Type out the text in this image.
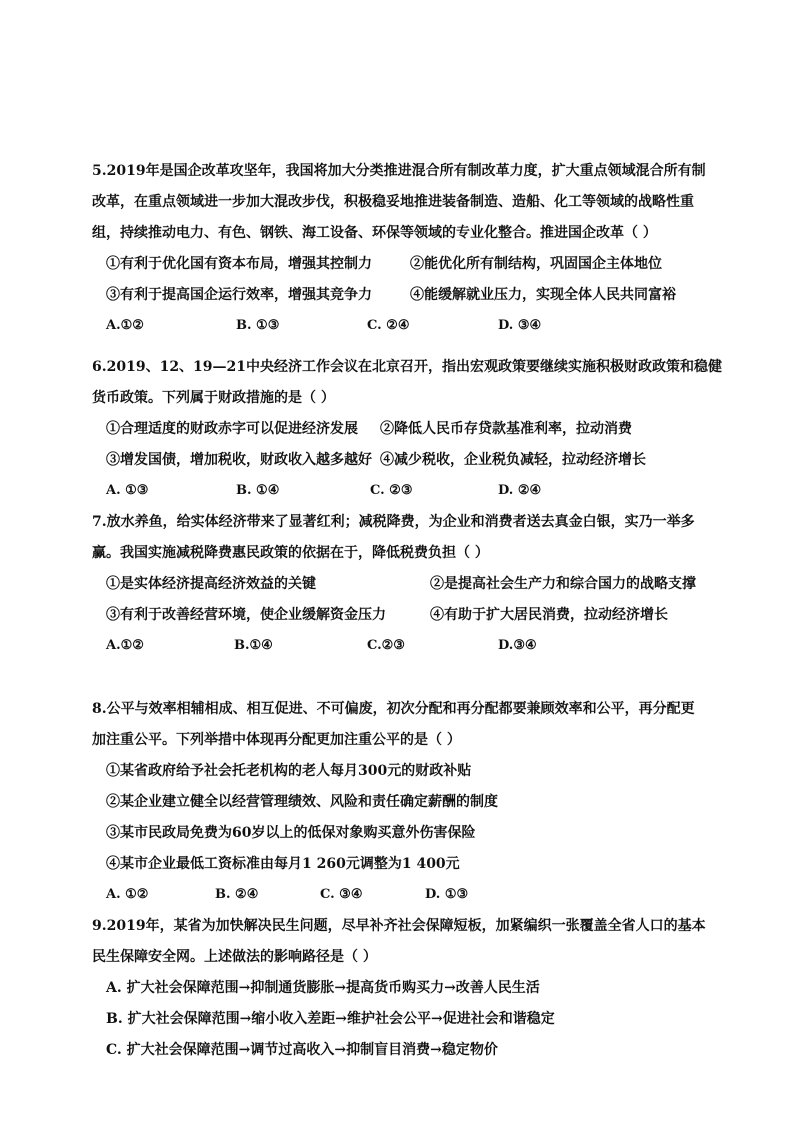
5.2019年是国企改革攻坚年，我国将加大分类推进混合所有制改革力度，扩大重点领域混合所有制
改革，在重点领域进一步加大混改步伐，积极稳妥地推进装备制造、造船、化工等领域的战略性重
组，持续推动电力、有色、钢铁、海工设备、环保等领域的专业化整合。推进国企改革（ ）
①有利于优化国有资本布局，增强其控制力	②能优化所有制结构，巩固国企主体地位
③有利于提高国企运行效率，增强其竞争力	④能缓解就业压力，实现全体人民共同富裕
A.①②	B. ①③	C. ②④	D. ③④
6.2019、12、19—21中央经济工作会议在北京召开，指出宏观政策要继续实施积极财政政策和稳健
货币政策。下列属于财政措施的是（ ）
①合理适度的财政赤字可以促进经济发展 ②降低人民币存贷款基准利率，拉动消费
③增发国债，增加税收，财政收入越多越好 ④减少税收，企业税负减轻，拉动经济增长
A. ①③	B. ①④	C. ②③	D. ②④
7.放水养鱼，给实体经济带来了显著红利；减税降费，为企业和消费者送去真金白银，实乃一举多
赢。我国实施减税降费惠民政策的依据在于，降低税费负担（ ）
①是实体经济提高经济效益的关键	②是提高社会生产力和综合国力的战略支撑
③有利于改善经营环境，使企业缓解资金压力	④有助于扩大居民消费，拉动经济增长
A.①②	B.①④	C.②③	D.③④
8.公平与效率相辅相成、相互促进、不可偏废，初次分配和再分配都要兼顾效率和公平，再分配更
加注重公平。下列举措中体现再分配更加注重公平的是（ ）
①某省政府给予社会托老机构的老人每月300元的财政补贴
②某企业建立健全以经营管理绩效、风险和责任确定薪酬的制度
③某市民政局免费为60岁以上的低保对象购买意外伤害保险
④某市企业最低工资标准由每月1 260元调整为1 400元
A. ①②	B. ②④	C. ③④	D. ①③
9.2019年，某省为加快解决民生问题，尽早补齐社会保障短板，加紧编织一张覆盖全省人口的基本
民生保障安全网。上述做法的影响路径是（ ）
A. 扩大社会保障范围→抑制通货膨胀→提高货币购买力→改善人民生活
B. 扩大社会保障范围→缩小收入差距→维护社会公平→促进社会和谐稳定
C. 扩大社会保障范围→调节过高收入→抑制盲目消费→稳定物价
